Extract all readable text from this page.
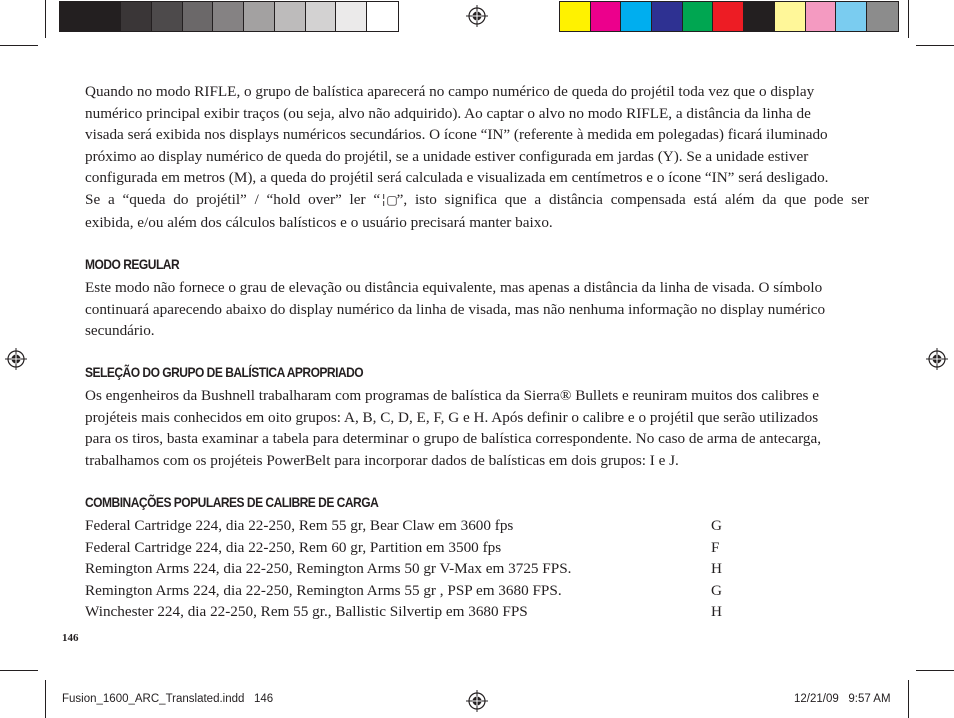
Quando no modo RIFLE, o grupo de balística aparecerá no campo numérico de queda do projétil toda vez que o display
numérico principal exibir traços (ou seja, alvo não adquirido). Ao captar o alvo no modo RIFLE, a distância da linha de
visada será exibida nos displays numéricos secundários. O ícone “IN” (referente à medida em polegadas) ficará iluminado
próximo ao display numérico de queda do projétil, se a unidade estiver configurada em jardas (Y). Se a unidade estiver
configurada em metros (M), a queda do projétil será calculada e visualizada em centímetros e o ícone “IN” será desligado.
Se a “queda do projétil” / “hold over” ler “╎▢”, isto significa que a distância compensada está além da que pode ser
exibida, e/ou além dos cálculos balísticos e o usuário precisará manter baixo.
MODO REGULAR
Este modo não fornece o grau de elevação ou distância equivalente, mas apenas a distância da linha de visada. O símbolo
continuará aparecendo abaixo do display numérico da linha de visada, mas não nenhuma informação no display numérico
secundário.
SELEÇÃO DO GRUPO DE BALÍSTICA APROPRIADO
Os engenheiros da Bushnell trabalharam com programas de balística da Sierra® Bullets e reuniram muitos dos calibres e
projéteis mais conhecidos em oito grupos: A, B, C, D, E, F, G e H. Após definir o calibre e o projétil que serão utilizados
para os tiros, basta examinar a tabela para determinar o grupo de balística correspondente. No caso de arma de antecarga,
trabalhamos com os projéteis PowerBelt para incorporar dados de balísticas em dois grupos: I e J.
COMBINAÇÕES POPULARES DE CALIBRE DE CARGA
Federal Cartridge 224, dia 22-250, Rem 55 gr, Bear Claw em 3600 fps	G
Federal Cartridge 224, dia 22-250, Rem 60 gr, Partition em 3500 fps	F
Remington Arms 224, dia 22-250, Remington Arms 50 gr V-Max em 3725 FPS.	H
Remington Arms 224, dia 22-250, Remington Arms 55 gr , PSP em 3680 FPS.	G
Winchester 224, dia 22-250, Rem 55 gr., Ballistic Silvertip em 3680 FPS	H
146
Fusion_1600_ARC_Translated.indd   146	12/21/09   9:57 AM
